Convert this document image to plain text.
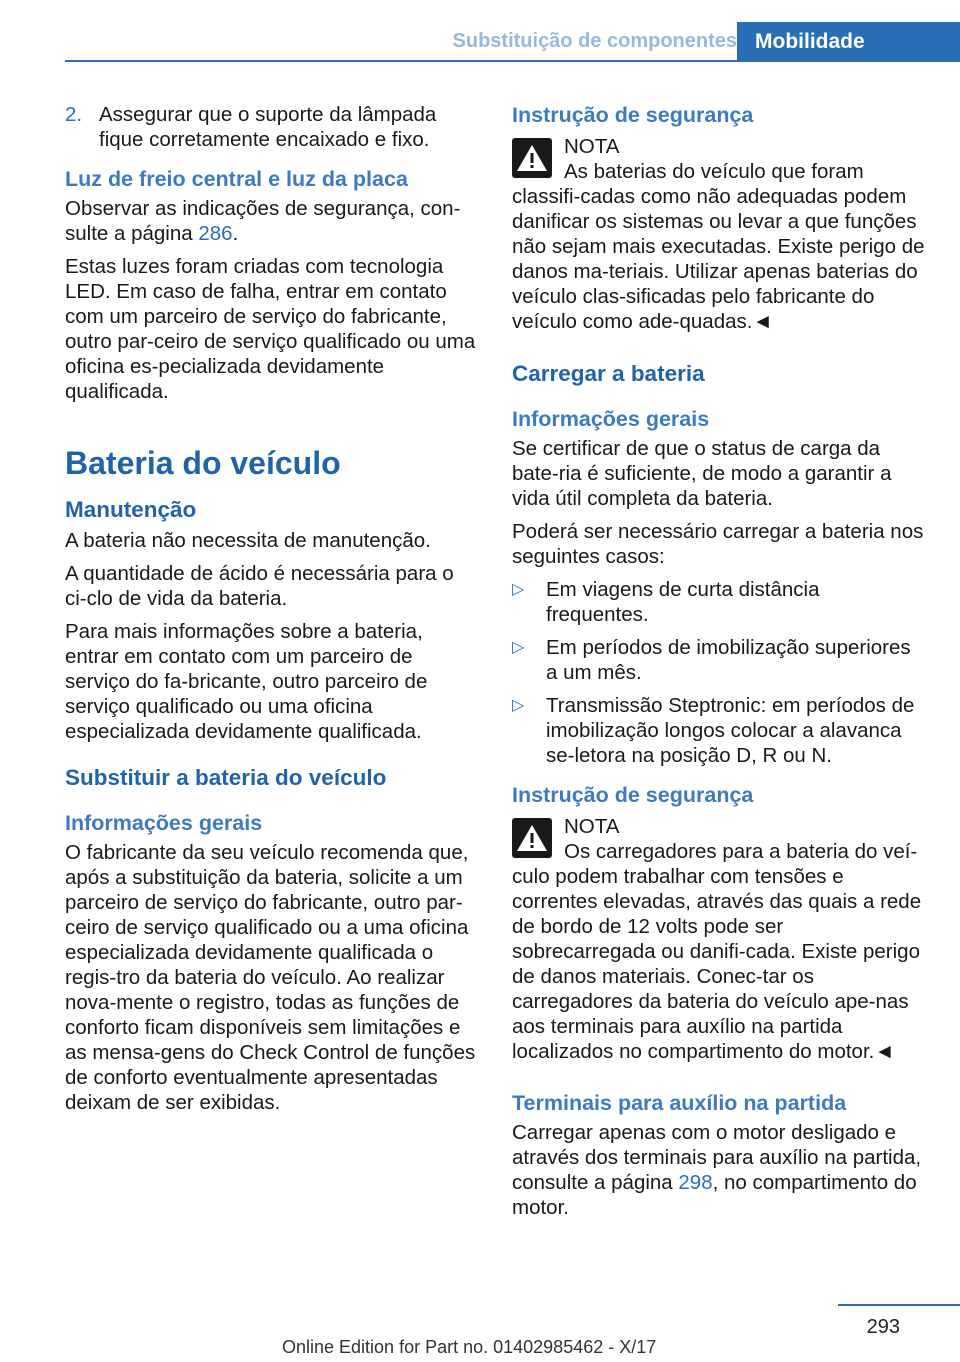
Substituição de componentes Mobilidade
2. Assegurar que o suporte da lâmpada fique corretamente encaixado e fixo.
Luz de freio central e luz da placa

Observar as indicações de segurança, con-sulte a página 286.

Estas luzes foram criadas com tecnologia LED. Em caso de falha, entrar em contato com um parceiro de serviço do fabricante, outro par-ceiro de serviço qualificado ou uma oficina es-pecializada devidamente qualificada.

Bateria do veículo
Manutenção

A bateria não necessita de manutenção.

A quantidade de ácido é necessária para o ci-clo de vida da bateria.

Para mais informações sobre a bateria, entrar em contato com um parceiro de serviço do fa-bricante, outro parceiro de serviço qualificado ou uma oficina especializada devidamente qualificada.

Substituir a bateria do veículo
Informações gerais

O fabricante da seu veículo recomenda que, após a substituição da bateria, solicite a um parceiro de serviço do fabricante, outro par-ceiro de serviço qualificado ou a uma oficina especializada devidamente qualificada o regis-tro da bateria do veículo. Ao realizar nova-mente o registro, todas as funções de conforto ficam disponíveis sem limitações e as mensa-gens do Check Control de funções de conforto eventualmente apresentadas deixam de ser exibidas.

Instrução de segurança
NOTA
As baterias do veículo que foram classifi-cadas como não adequadas podem danificar os sistemas ou levar a que funções não sejam mais executadas. Existe perigo de danos ma-teriais. Utilizar apenas baterias do veículo clas-sificadas pelo fabricante do veículo como ade-quadas.◄
Carregar a bateria
Informações gerais

Se certificar de que o status de carga da bate-ria é suficiente, de modo a garantir a vida útil completa da bateria.

Poderá ser necessário carregar a bateria nos seguintes casos:

▷ Em viagens de curta distância frequentes.
▷ Em períodos de imobilização superiores a um mês.
▷ Transmissão Steptronic: em períodos de imobilização longos colocar a alavanca se-letora na posição D, R ou N.
Instrução de segurança
NOTA
Os carregadores para a bateria do veí-culo podem trabalhar com tensões e correntes elevadas, através das quais a rede de bordo de 12 volts pode ser sobrecarregada ou danifi-cada. Existe perigo de danos materiais. Conec-tar os carregadores da bateria do veículo ape-nas aos terminais para auxílio na partida localizados no compartimento do motor.◄
Terminais para auxílio na partida

Carregar apenas com o motor desligado e através dos terminais para auxílio na partida, consulte a página 298, no compartimento do motor.

293
Online Edition for Part no. 01402985462 - X/17
